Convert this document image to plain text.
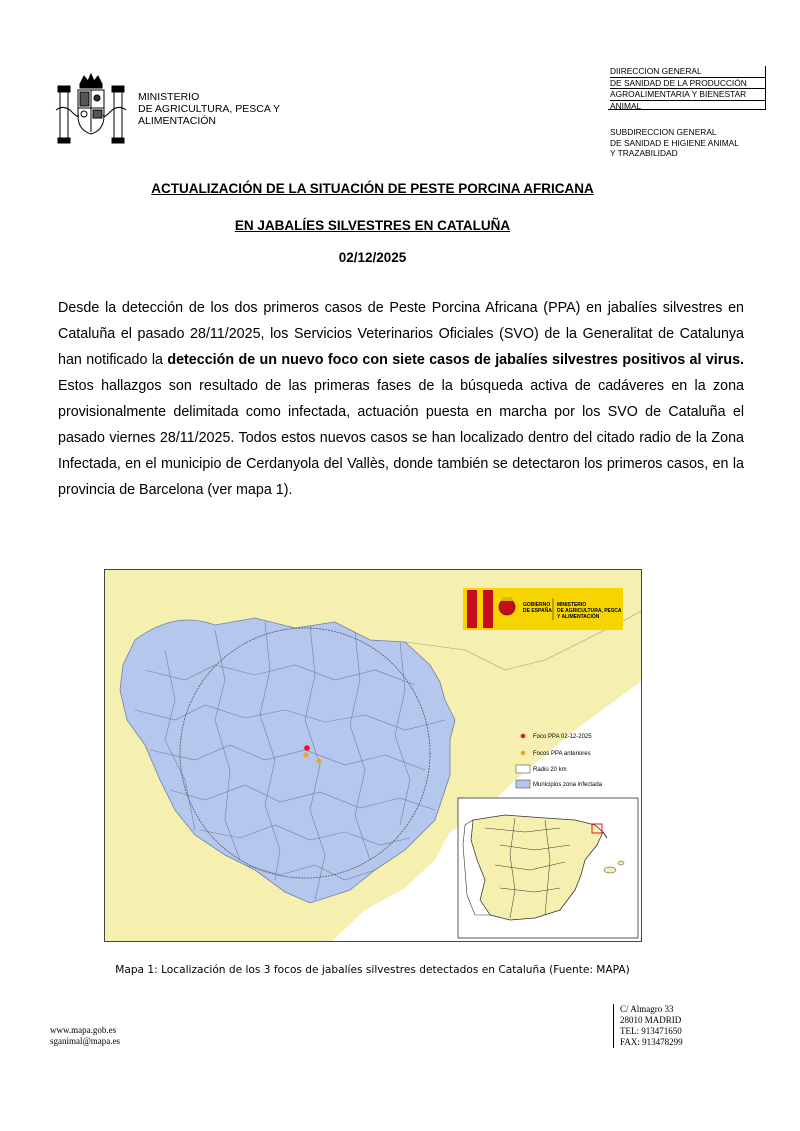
MINISTERIO
DE AGRICULTURA, PESCA Y
ALIMENTACIÓN
DIIRECCION GENERAL
DE SANIDAD DE LA PRODUCCIÓN
AGROALIMENTARIA Y BIENESTAR
ANIMAL
SUBDIRECCION GENERAL
DE SANIDAD E HIGIENE ANIMAL
Y TRAZABILIDAD
ACTUALIZACIÓN DE LA SITUACIÓN DE PESTE PORCINA AFRICANA
EN JABALÍES SILVESTRES EN CATALUÑA
02/12/2025
Desde la detección de los dos primeros casos de Peste Porcina Africana (PPA) en jabalíes silvestres en Cataluña el pasado 28/11/2025, los Servicios Veterinarios Oficiales (SVO) de la Generalitat de Catalunya han notificado la detección de un nuevo foco con siete casos de jabalíes silvestres positivos al virus. Estos hallazgos son resultado de las primeras fases de la búsqueda activa de cadáveres en la zona provisionalmente delimitada como infectada, actuación puesta en marcha por los SVO de Cataluña el pasado viernes 28/11/2025. Todos estos nuevos casos se han localizado dentro del citado radio de la Zona Infectada, en el municipio de Cerdanyola del Vallès, donde también se detectaron los primeros casos, en la provincia de Barcelona (ver mapa 1).
GOBIERNO
DE ESPAÑA
MINISTERIO
DE AGRICULTURA, PESCA
Y ALIMENTACIÓN
Foco PPA 02-12-2025
Focos PPA anteriores
Radio 20 km
Municipios zona infectada
Mapa 1: Localización de los 3 focos de jabalíes silvestres detectados en Cataluña (Fuente: MAPA)
www.mapa.gob.es
sganimal@mapa.es
C/ Almagro 33
28010 MADRID
TEL: 913471650
FAX: 913478299
